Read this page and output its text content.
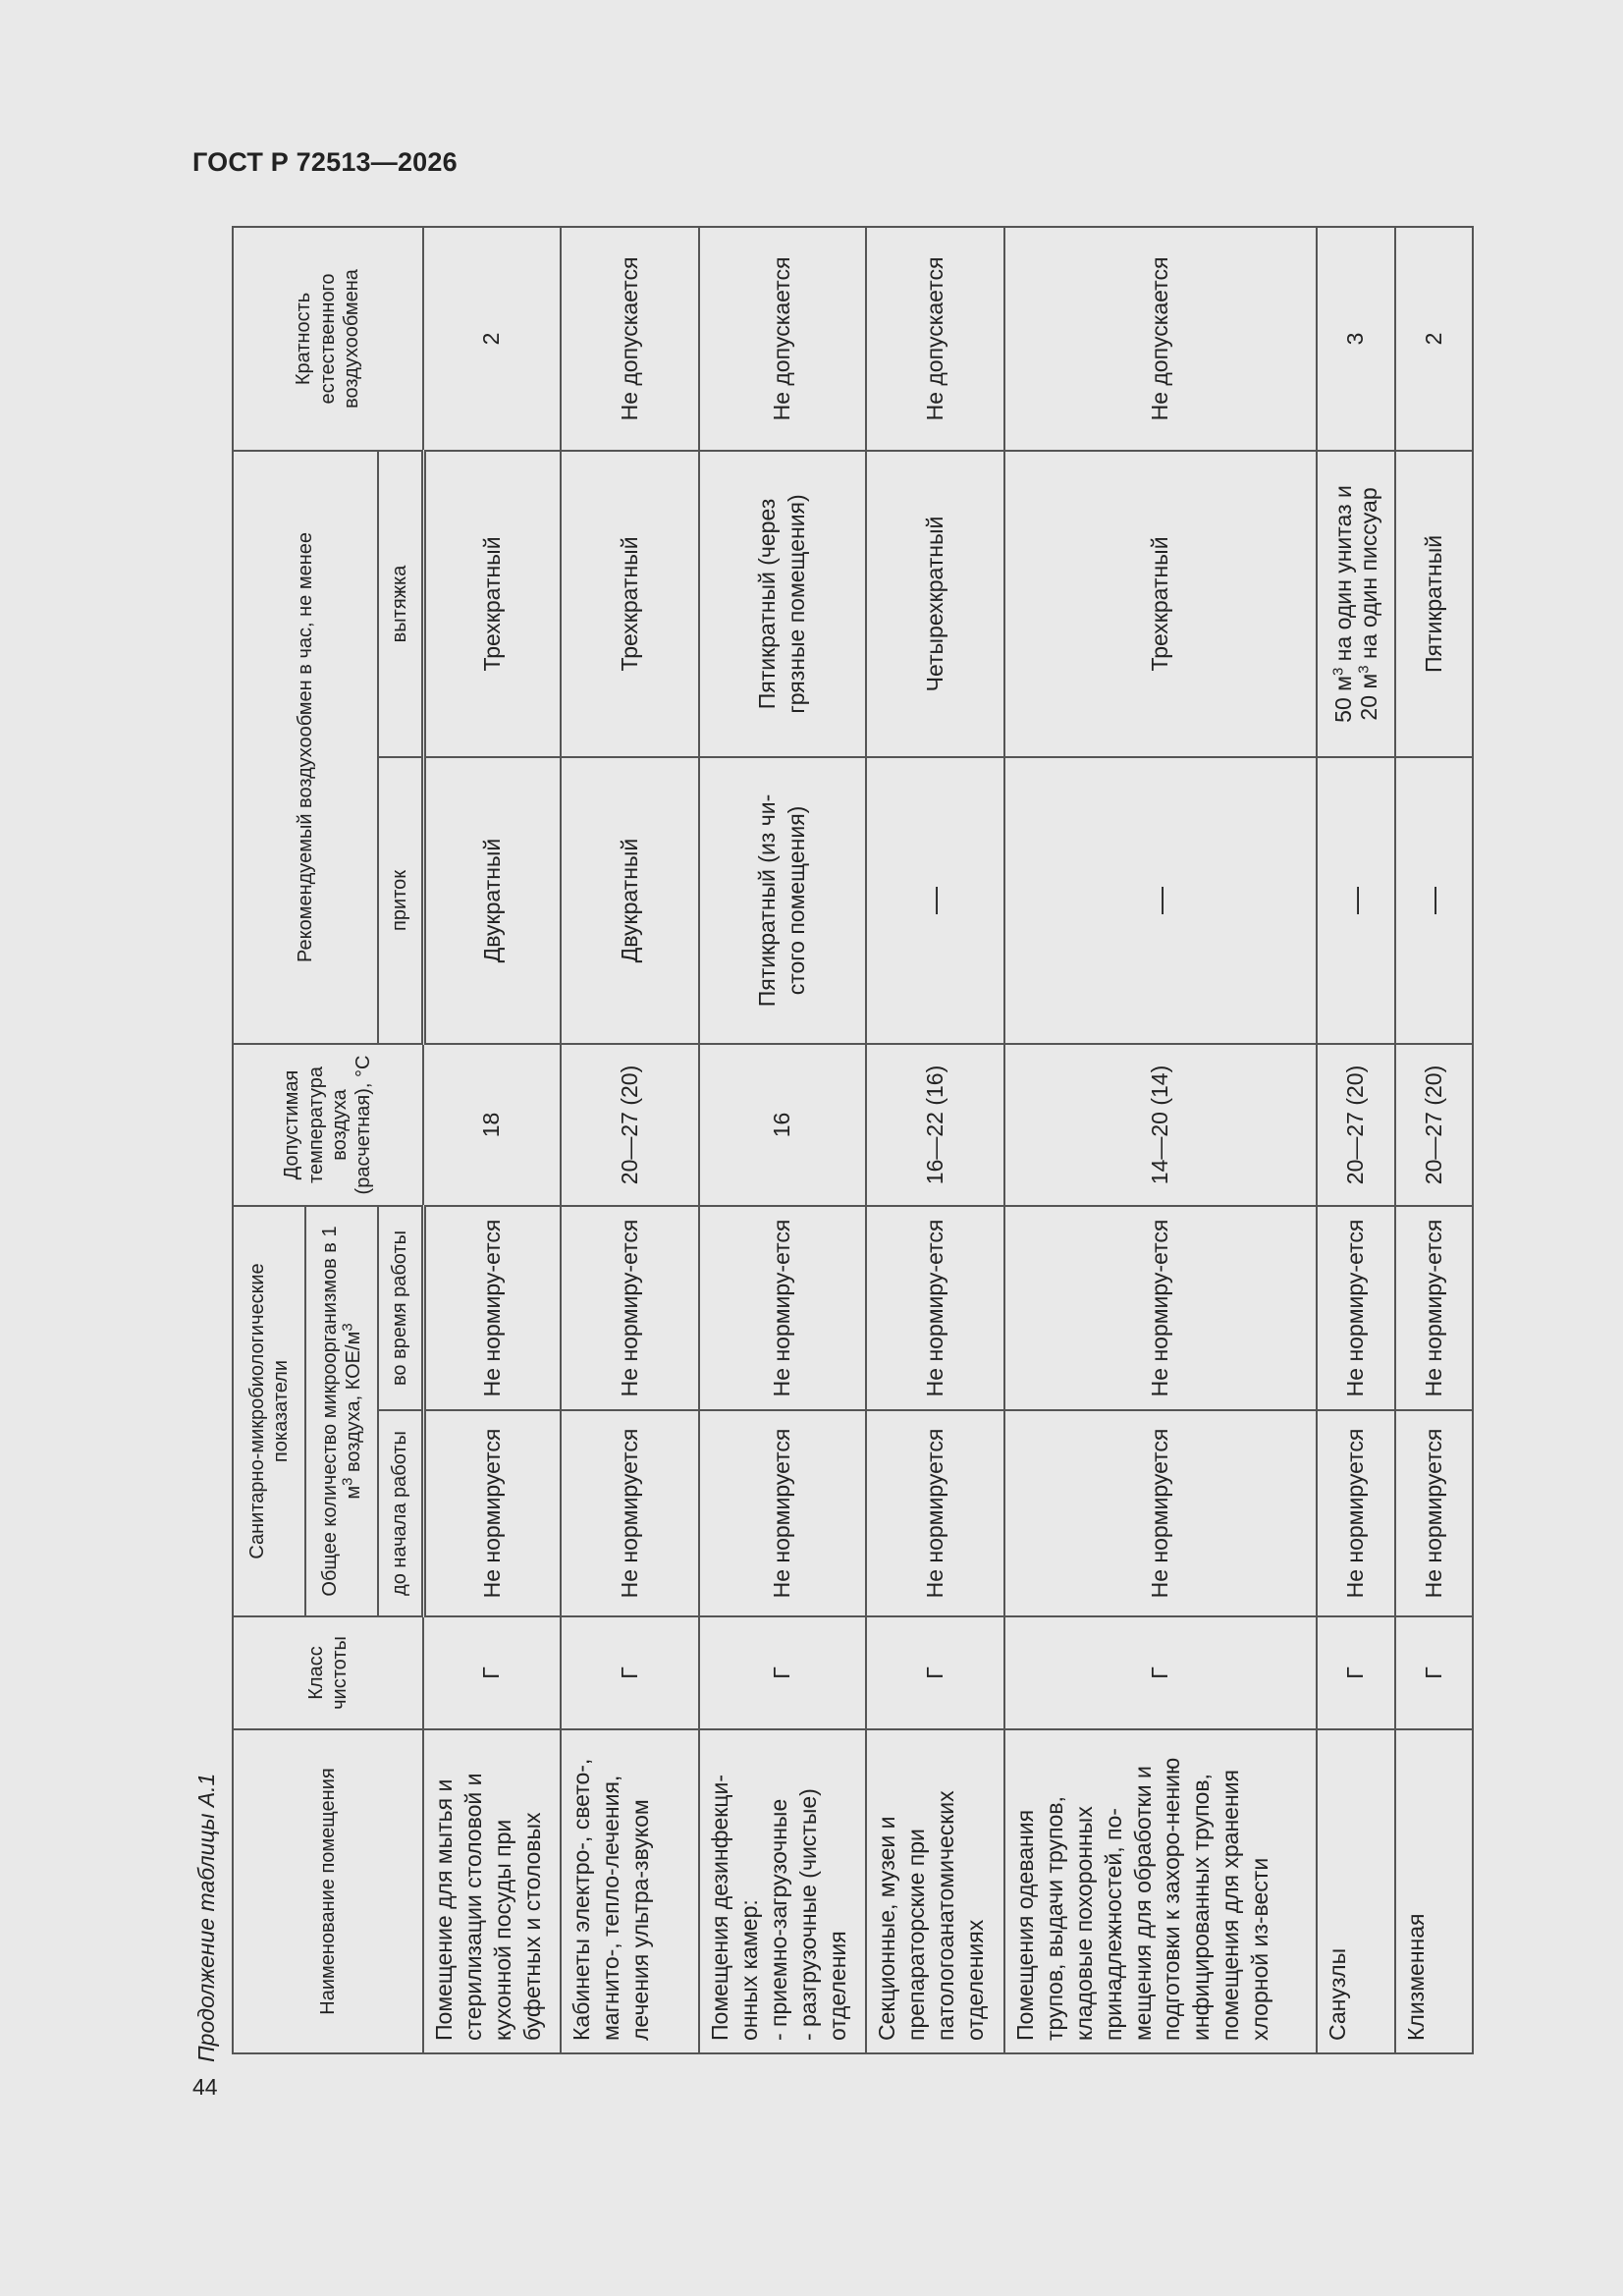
ГОСТ Р 72513—2026
Продолжение таблицы А.1
44
Наименование помещения	Класс чистоты	Санитарно-микробиологические показатели		Допустимая температура воздуха (расчетная), °С	Рекомендуемый воздухообмен в час, не менее		Кратность естественного воздухообмена
		Общее количество микроорганизмов в 1 $м^3$ воздуха, КОЕ/$м^3$
		до начала работы	во время работы		приток	вытяжка	
Помещение для мытья и стерилизации столовой и кухонной посуды при буфетных и столовых	Г	Не нормируется	Не нормиру-ется	18	Двукратный	Трехкратный	2
Кабинеты электро-, свето-, магнито-, тепло-лечения, лечения ультра-звуком	Г	Не нормируется	Не нормиру-ется	20—27 (20)	Двукратный	Трехкратный	Не допускается
Помещения дезинфекци-онных камер:
- приемно-загрузочные
- разгрузочные (чистые) отделения	Г	Не нормируется	Не нормиру-ется	16	Пятикратный (из чи-стого помещения)	Пятикратный (через грязные помещения)	Не допускается
Секционные, музеи и препараторские при патологоанатомических отделениях	Г	Не нормируется	Не нормиру-ется	16—22 (16)	—	Четырехкратный	Не допускается
Помещения одевания трупов, выдачи трупов, кладовые похоронных принадлежностей, по-мещения для обработки и подготовки к захоро-нению инфицированных трупов, помещения для хранения хлорной из-вести	Г	Не нормируется	Не нормиру-ется	14—20 (14)	—	Трехкратный	Не допускается
Санузлы	Г	Не нормируется	Не нормиру-ется	20—27 (20)	—	50 $м^3$ на один унитаз и
20 $м^3$ на один писсуар	3
Клизменная	Г	Не нормируется	Не нормиру-ется	20—27 (20)	—	Пятикратный	2
